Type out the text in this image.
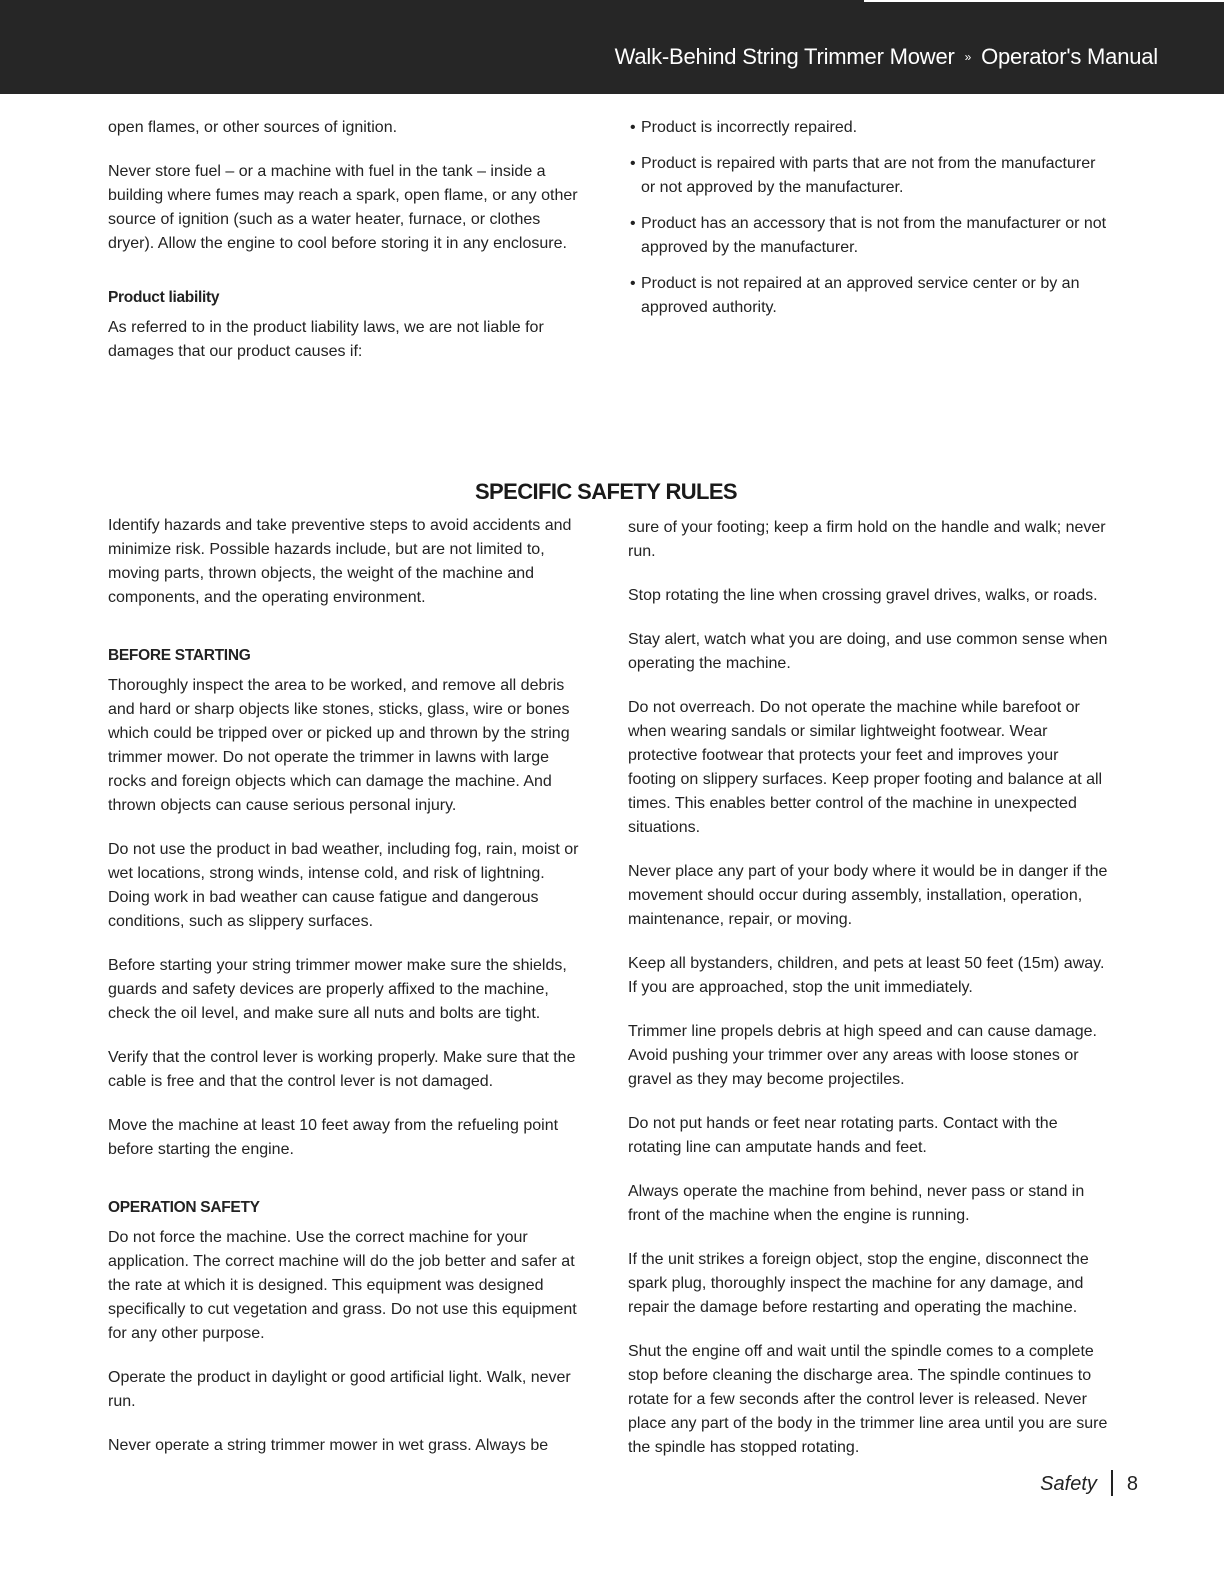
Walk-Behind String Trimmer Mower » Operator's Manual

open flames, or other sources of ignition.

Never store fuel – or a machine with fuel in the tank – inside a building where fumes may reach a spark, open flame, or any other source of ignition (such as a water heater, furnace, or clothes dryer). Allow the engine to cool before storing it in any enclosure.

Product liability

As referred to in the product liability laws, we are not liable for damages that our product causes if:

• Product is incorrectly repaired.
• Product is repaired with parts that are not from the manufacturer or not approved by the manufacturer.
• Product has an accessory that is not from the manufacturer or not approved by the manufacturer.
• Product is not repaired at an approved service center or by an approved authority.
SPECIFIC SAFETY RULES

Identify hazards and take preventive steps to avoid accidents and minimize risk. Possible hazards include, but are not limited to, moving parts, thrown objects, the weight of the machine and components, and the operating environment.

BEFORE STARTING

Thoroughly inspect the area to be worked, and remove all debris and hard or sharp objects like stones, sticks, glass, wire or bones which could be tripped over or picked up and thrown by the string trimmer mower. Do not operate the trimmer in lawns with large rocks and foreign objects which can damage the machine. And thrown objects can cause serious personal injury.

Do not use the product in bad weather, including fog, rain, moist or wet locations, strong winds, intense cold, and risk of lightning. Doing work in bad weather can cause fatigue and dangerous conditions, such as slippery surfaces.

Before starting your string trimmer mower make sure the shields, guards and safety devices are properly affixed to the machine, check the oil level, and make sure all nuts and bolts are tight.

Verify that the control lever is working properly. Make sure that the cable is free and that the control lever is not damaged.

Move the machine at least 10 feet away from the refueling point before starting the engine.

OPERATION SAFETY

Do not force the machine. Use the correct machine for your application. The correct machine will do the job better and safer at the rate at which it is designed. This equipment was designed specifically to cut vegetation and grass. Do not use this equipment for any other purpose.

Operate the product in daylight or good artificial light. Walk, never run.

Never operate a string trimmer mower in wet grass. Always be

sure of your footing; keep a firm hold on the handle and walk; never run.

Stop rotating the line when crossing gravel drives, walks, or roads.

Stay alert, watch what you are doing, and use common sense when operating the machine.

Do not overreach. Do not operate the machine while barefoot or when wearing sandals or similar lightweight footwear. Wear protective footwear that protects your feet and improves your footing on slippery surfaces. Keep proper footing and balance at all times. This enables better control of the machine in unexpected situations.

Never place any part of your body where it would be in danger if the movement should occur during assembly, installation, operation, maintenance, repair, or moving.

Keep all bystanders, children, and pets at least 50 feet (15m) away. If you are approached, stop the unit immediately.

Trimmer line propels debris at high speed and can cause damage. Avoid pushing your trimmer over any areas with loose stones or gravel as they may become projectiles.

Do not put hands or feet near rotating parts. Contact with the rotating line can amputate hands and feet.

Always operate the machine from behind, never pass or stand in front of the machine when the engine is running.

If the unit strikes a foreign object, stop the engine, disconnect the spark plug, thoroughly inspect the machine for any damage, and repair the damage before restarting and operating the machine.

Shut the engine off and wait until the spindle comes to a complete stop before cleaning the discharge area. The spindle continues to rotate for a few seconds after the control lever is released. Never place any part of the body in the trimmer line area until you are sure the spindle has stopped rotating.

Safety 8
